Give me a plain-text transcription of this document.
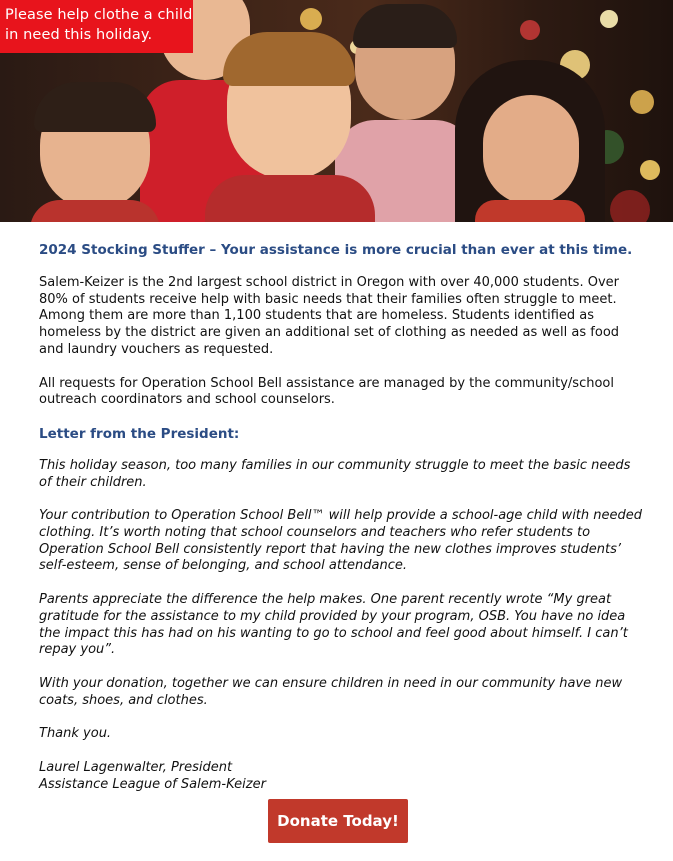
Please help clothe a child
in need this holiday.

2024 Stocking Stuffer – Your assistance is more crucial than ever at this time.

Salem-Keizer is the 2nd largest school district in Oregon with over 40,000 students. Over 80% of students receive help with basic needs that their families often struggle to meet. Among them are more than 1,100 students that are homeless. Students identified as homeless by the district are given an additional set of clothing as needed as well as food and laundry vouchers as requested.

All requests for Operation School Bell assistance are managed by the community/school outreach coordinators and school counselors.

Letter from the President:

This holiday season, too many families in our community struggle to meet the basic needs of their children.

Your contribution to Operation School Bell™ will help provide a school-age child with needed clothing. It’s worth noting that school counselors and teachers who refer students to Operation School Bell consistently report that having the new clothes improves students’ self-esteem, sense of belonging, and school attendance.

Parents appreciate the difference the help makes. One parent recently wrote “My great gratitude for the assistance to my child provided by your program, OSB. You have no idea the impact this has had on his wanting to go to school and feel good about himself. I can’t repay you”.

With your donation, together we can ensure children in need in our community have new coats, shoes, and clothes.

Thank you.

Laurel Lagenwalter, President

Assistance League of Salem-Keizer

Donate Today!
